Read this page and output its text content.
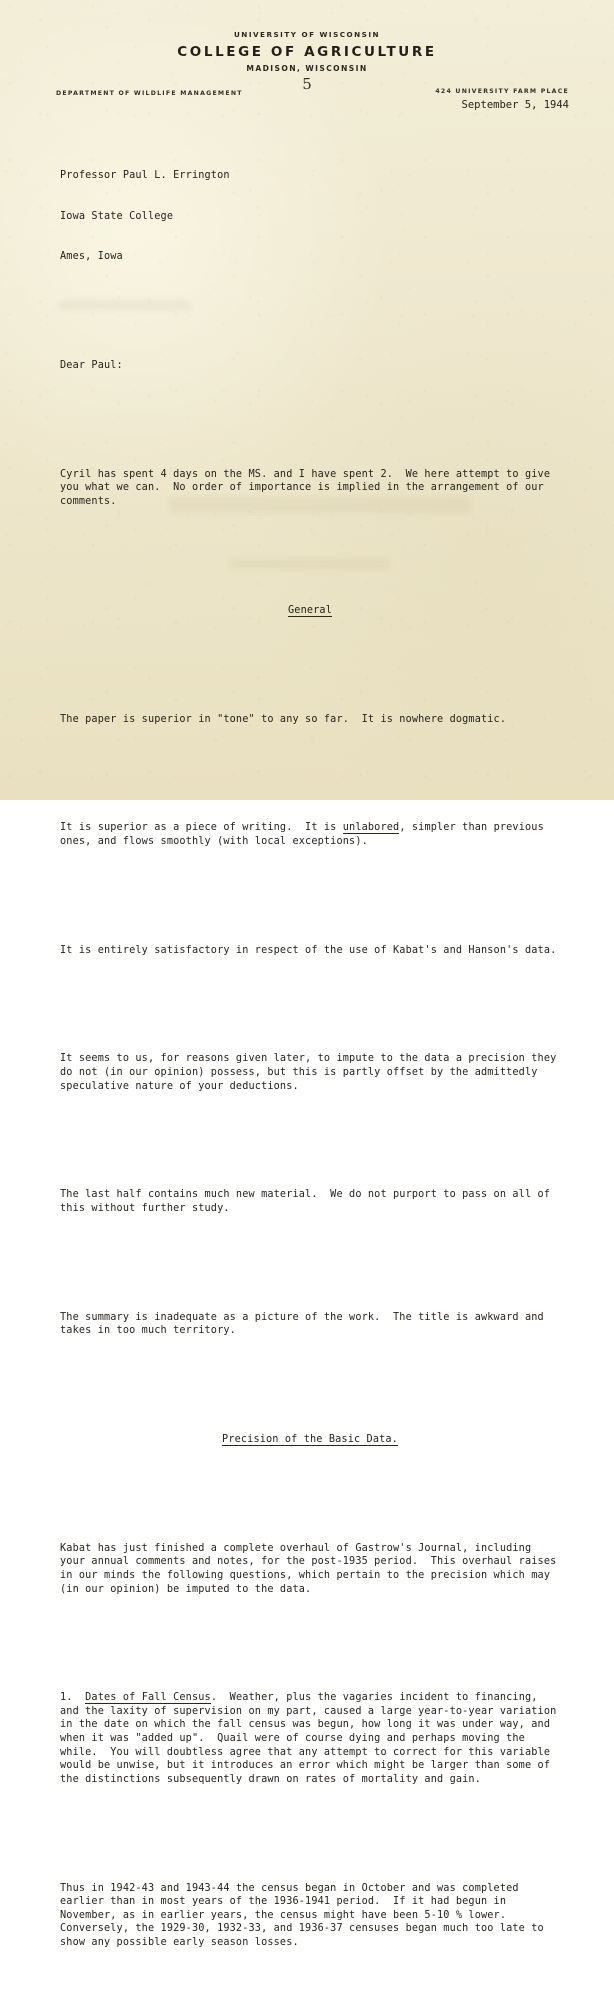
UNIVERSITY OF WISCONSIN
COLLEGE OF AGRICULTURE
MADISON, WISCONSIN
5
DEPARTMENT OF WILDLIFE MANAGEMENT	424 UNIVERSITY FARM PLACE
September 5, 1944

Professor Paul L. Errington

Iowa State College

Ames, Iowa

Dear Paul:

Cyril has spent 4 days on the MS. and I have spent 2.  We here attempt to give you what we can.  No order of importance is implied in the arrangement of our comments.

General

The paper is superior in "tone" to any so far.  It is nowhere dogmatic.

It is superior as a piece of writing.  It is unlabored, simpler than previous ones, and flows smoothly (with local exceptions).

It is entirely satisfactory in respect of the use of Kabat's and Hanson's data.

It seems to us, for reasons given later, to impute to the data a precision they do not (in our opinion) possess, but this is partly offset by the admittedly speculative nature of your deductions.

The last half contains much new material.  We do not purport to pass on all of this without further study.

The summary is inadequate as a picture of the work.  The title is awkward and takes in too much territory.

Precision of the Basic Data.

Kabat has just finished a complete overhaul of Gastrow's Journal, including your annual comments and notes, for the post-1935 period.  This overhaul raises in our minds the following questions, which pertain to the precision which may (in our opinion) be imputed to the data.

1.  Dates of Fall Census.  Weather, plus the vagaries incident to financing, and the laxity of supervision on my part, caused a large year-to-year variation in the date on which the fall census was begun, how long it was under way, and when it was "added up".  Quail were of course dying and perhaps moving the while.  You will doubtless agree that any attempt to correct for this variable would be unwise, but it introduces an error which might be larger than some of the distinctions subsequently drawn on rates of mortality and gain.

Thus in 1942-43 and 1943-44 the census began in October and was completed earlier than in most years of the 1936-1941 period.  If it had begun in November, as in earlier years, the census might have been 5-10 % lower.  Conversely, the 1929-30, 1932-33, and 1936-37 censuses began much too late to show any possible early season losses.
